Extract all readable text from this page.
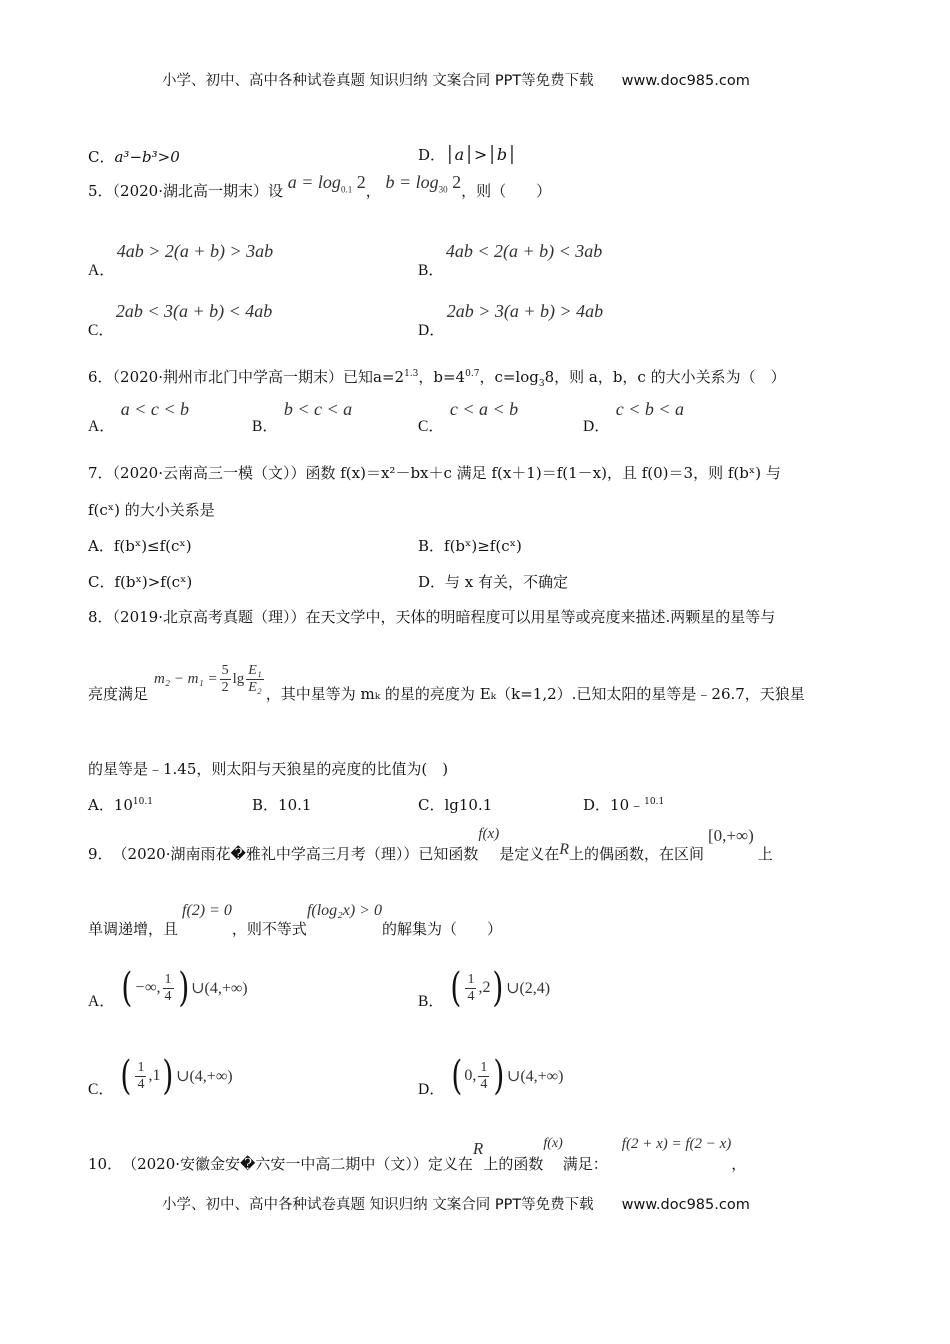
小学、初中、高中各种试卷真题 知识归纳 文案合同 PPT等免费下载 www.doc985.com
C．a³−b³>0	D．│a│>│b│
5．（2020·湖北高一期末）设 $a = \log_{0.1} 2$， $b = \log_{30} 2$，则（　　）
A．4ab > 2(a + b) > 3ab
B．4ab < 2(a + b) < 3ab
C．2ab < 3(a + b) < 4ab
D．2ab > 3(a + b) > 4ab
6．（2020·荆州市北门中学高一期末）已知$a=2^{1.3}$，$b=4^{0.7}$，$c=\log_38$，则 a，b，c 的大小关系为（　）
A．a < c < b
B．b < c < a
C．c < a < b
D．c < b < a
7．（2020·云南高三一模（文））函数 f(x)＝x²－bx＋c 满足 f(x＋1)＝f(1－x)，且 f(0)＝3，则 f(bˣ) 与
f(cˣ) 的大小关系是
A．f(bˣ)≤f(cˣ)	B．f(bˣ)≥f(cˣ)
C．f(bˣ)>f(cˣ)	D．与 x 有关，不确定
8．（2019·北京高考真题（理））在天文学中，天体的明暗程度可以用星等或亮度来描述.两颗星的星等与
亮度满足
$m_2 - m_1 = \frac{5}{2}$ $\lg \frac{\text{E₁}}{\text{E₂}}$ ，其中星等为 mₖ 的星的亮度为 Eₖ（k=1,2）.已知太阳的星等是﹣26.7，天狼星
的星等是﹣1.45，则太阳与天狼星的亮度的比值为(　)
A．$10^{10.1}$	B．10.1	C．lg10.1	D．10﹣$^{10.1}$
9． （2020·湖南雨花�雅礼中学高三月考（理））已知函数
f(x)
是定义在 R 上的偶函数，在区间
[0,+∞)
上
单调递增，且
f(2) = 0
，则不等式
f(log₂x) > 0
的解集为（　　）
A． ( −∞, $\frac{1}{4}$ ) ∪(4,+∞)
B． ( $\frac{1}{4} ,2$ ) ∪(2,4)
C． ( $\frac{1}{4} ,1$ ) ∪(4,+∞)
D． ( 0, $\frac{1}{4}$ ) ∪(4,+∞)
10． （2020·安徽金安�六安一中高二期中（文））定义在
R
上的函数
f(x)
满足：
f(2 + x) = f(2 − x)
，
小学、初中、高中各种试卷真题 知识归纳 文案合同 PPT等免费下载 www.doc985.com
